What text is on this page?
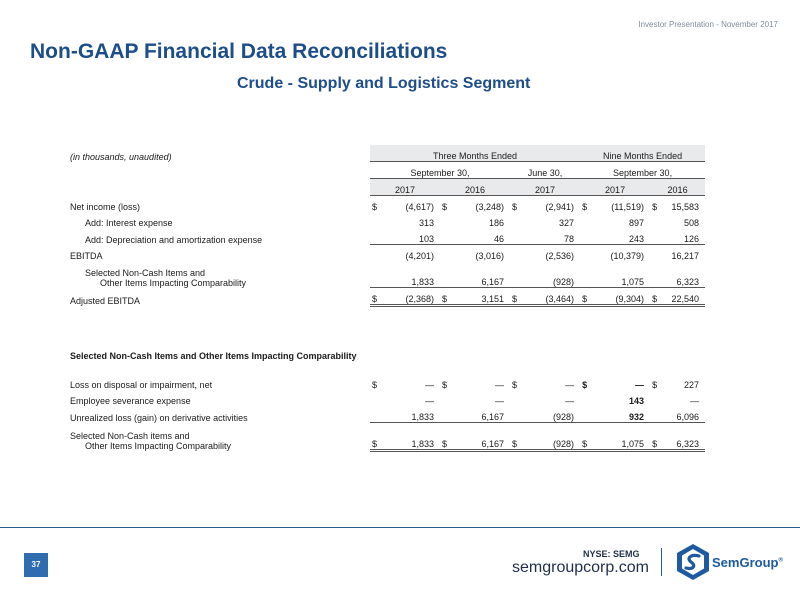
Investor Presentation - November 2017
Non-GAAP Financial Data Reconciliations
Crude - Supply and Logistics Segment
(in thousands, unaudited)	Three Months Ended						Nine Months Ended			
	September 30,				June 30,		September 30,			
	2017		2016		2017		2017		2016	
Net income (loss)	$	(4,617)	$	(3,248)	$	(2,941)	$	(11,519)	$	15,583
Add: Interest expense		313		186		327		897		508
Add: Depreciation and amortization expense		103		46		78		243		126
EBITDA		(4,201)		(3,016)		(2,536)		(10,379)		16,217
Selected Non-Cash Items and

Other Items Impacting Comparability		1,833		6,167		(928)		1,075		6,323
Adjusted EBITDA	$	(2,368)	$	3,151	$	(3,464)	$	(9,304)	$	22,540

Selected Non-Cash Items and Other Items Impacting Comparability										

Loss on disposal or impairment, net	$	—	$	—	$	—	$	—	$	227
Employee severance expense		—		—		—		143		—
Unrealized loss (gain) on derivative activities		1,833		6,167		(928)		932		6,096
Selected Non-Cash items and

Other Items Impacting Comparability	$	1,833	$	6,167	$	(928)	$	1,075	$	6,323
37
NYSE: SEMG
semgroupcorp.com	SemGroup®
